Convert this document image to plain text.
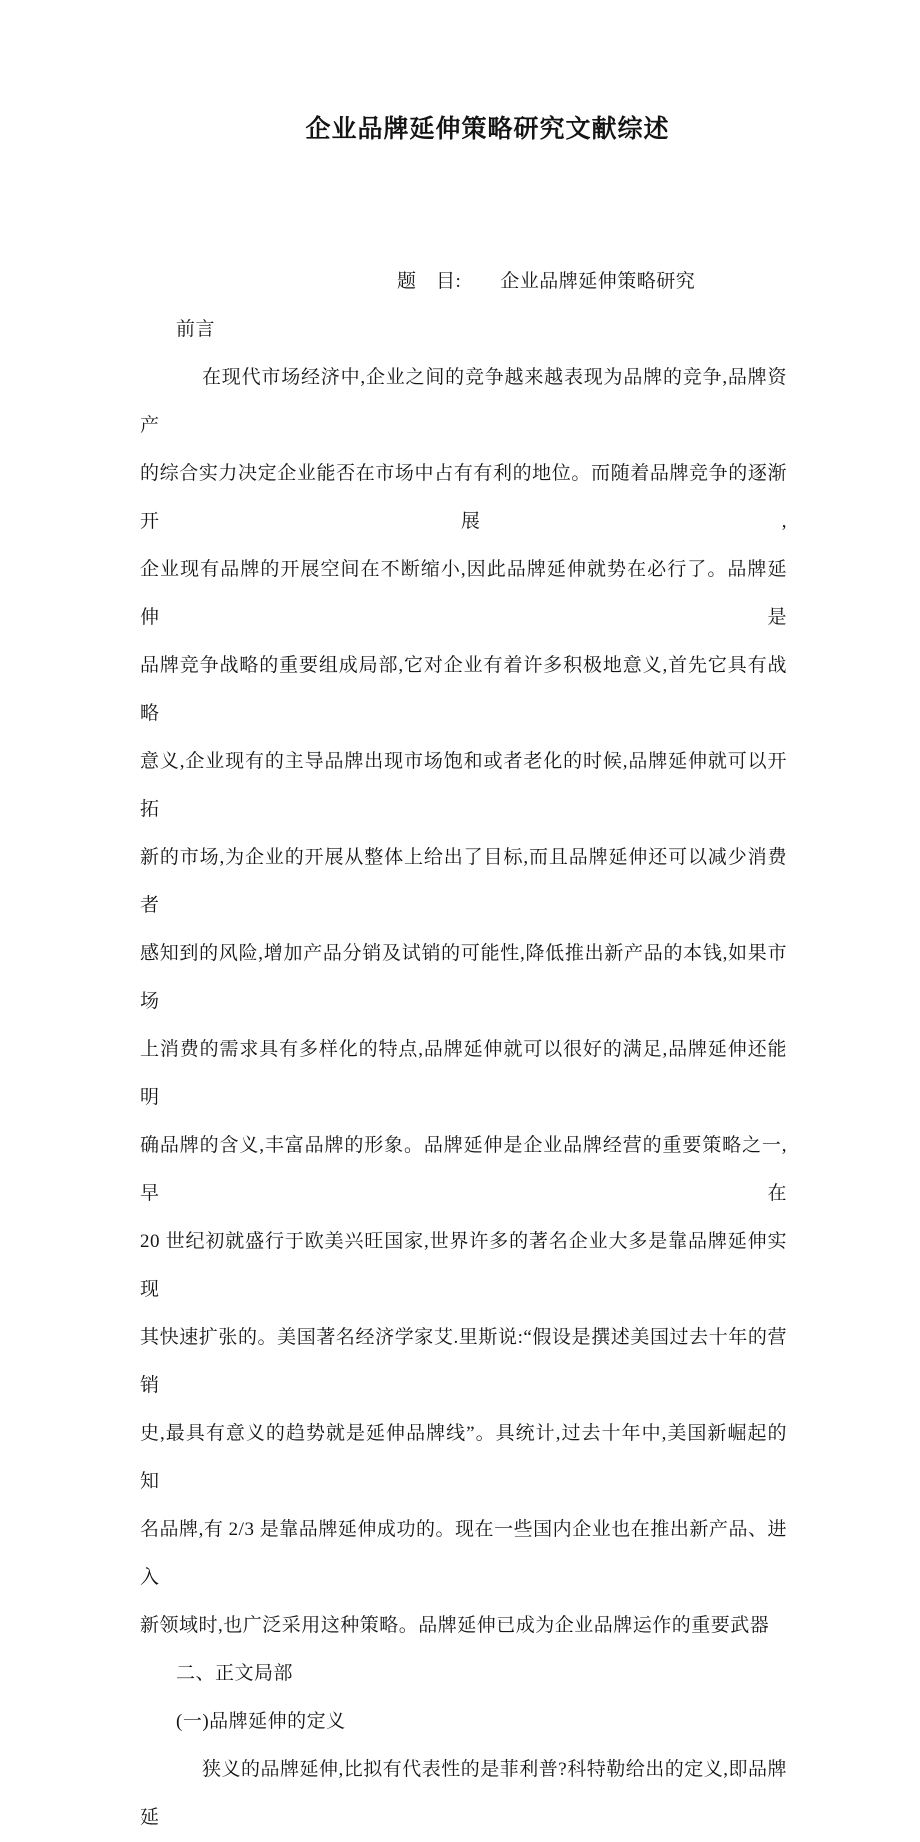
企业品牌延伸策略研究文献综述
题　目:　　企业品牌延伸策略研究
前言
在现代市场经济中,企业之间的竞争越来越表现为品牌的竞争,品牌资产
的综合实力决定企业能否在市场中占有有利的地位。而随着品牌竞争的逐渐开展,
企业现有品牌的开展空间在不断缩小,因此品牌延伸就势在必行了。品牌延伸是
品牌竞争战略的重要组成局部,它对企业有着许多积极地意义,首先它具有战略
意义,企业现有的主导品牌出现市场饱和或者老化的时候,品牌延伸就可以开拓
新的市场,为企业的开展从整体上给出了目标,而且品牌延伸还可以减少消费者
感知到的风险,增加产品分销及试销的可能性,降低推出新产品的本钱,如果市场
上消费的需求具有多样化的特点,品牌延伸就可以很好的满足,品牌延伸还能明
确品牌的含义,丰富品牌的形象。品牌延伸是企业品牌经营的重要策略之一,早在
20 世纪初就盛行于欧美兴旺国家,世界许多的著名企业大多是靠品牌延伸实现
其快速扩张的。美国著名经济学家艾.里斯说:“假设是撰述美国过去十年的营销
史,最具有意义的趋势就是延伸品牌线”。具统计,过去十年中,美国新崛起的知
名品牌,有 2/3 是靠品牌延伸成功的。现在一些国内企业也在推出新产品、进入
新领域时,也广泛采用这种策略。品牌延伸已成为企业品牌运作的重要武器
二、正文局部
(一)品牌延伸的定义
狭义的品牌延伸,比拟有代表性的是菲利普?科特勒给出的定义,即品牌延
